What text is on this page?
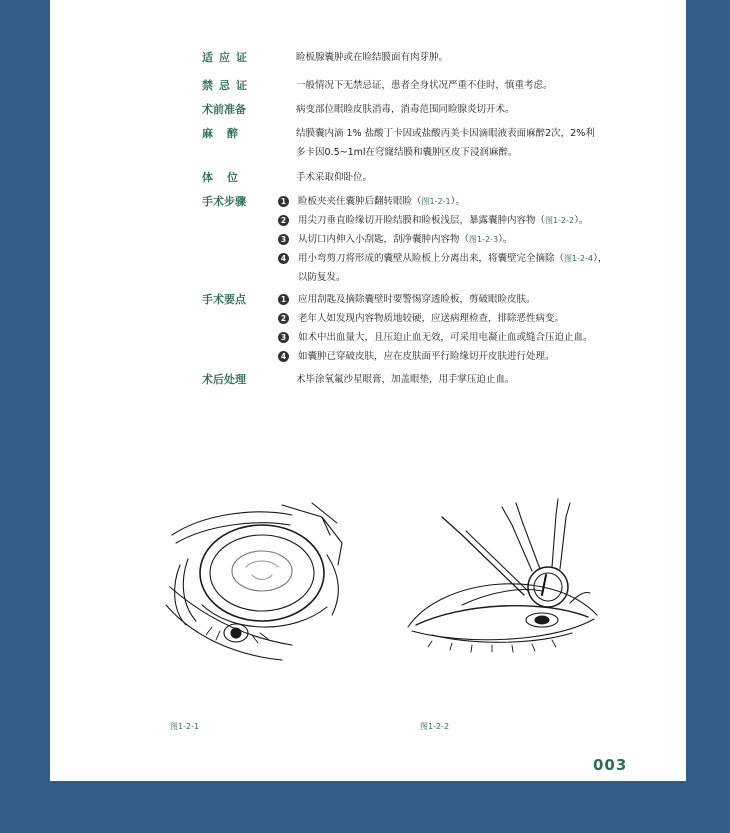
适应证	睑板腺囊肿或在睑结膜面有肉芽肿。
禁忌证	一般情况下无禁忌证，患者全身状况严重不佳时，慎重考虑。
术前准备	病变部位眼睑皮肤消毒，消毒范围同睑腺炎切开术。
麻醉	结膜囊内滴 1% 盐酸丁卡因或盐酸丙美卡因滴眼液表面麻醉2次，2%利
多卡因0.5~1ml在穹窿结膜和囊肿区皮下浸润麻醉。
体位	手术采取仰卧位。
手术步骤	1	睑板夹夹住囊肿后翻转眼睑（图1-2-1）。
2	用尖刀垂直睑缘切开睑结膜和睑板浅层，暴露囊肿内容物（图1-2-2）。
3	从切口内伸入小刮匙，刮净囊肿内容物（图1-2-3）。
4	用小弯剪刀将形成的囊壁从睑板上分离出来，将囊壁完全摘除（图1-2-4），
以防复发。
手术要点	1	应用刮匙及摘除囊壁时要警惕穿透睑板，剪破眼睑皮肤。
2	老年人如发现内容物质地较硬，应送病理检查，排除恶性病变。
3	如术中出血量大，且压迫止血无效，可采用电凝止血或缝合压迫止血。
4	如囊肿已穿破皮肤，应在皮肤面平行睑缘切开皮肤进行处理。
术后处理	术毕涂氧氟沙星眼膏，加盖眼垫，用手掌压迫止血。
图1-2-1	图1-2-2
003
